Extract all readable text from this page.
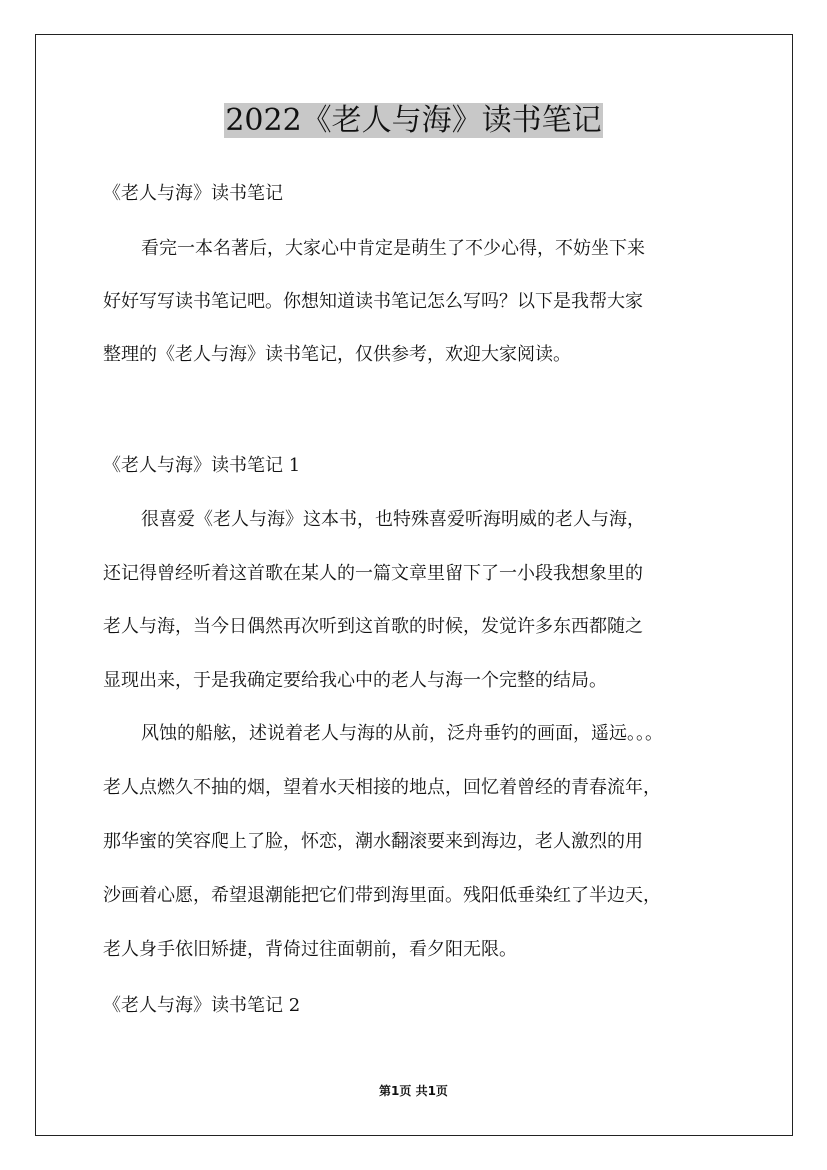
2022《老人与海》读书笔记
《老人与海》读书笔记
看完一本名著后，大家心中肯定是萌生了不少心得，不妨坐下来
好好写写读书笔记吧。你想知道读书笔记怎么写吗？以下是我帮大家
整理的《老人与海》读书笔记，仅供参考，欢迎大家阅读。
《老人与海》读书笔记 1
很喜爱《老人与海》这本书，也特殊喜爱听海明威的老人与海，
还记得曾经听着这首歌在某人的一篇文章里留下了一小段我想象里的
老人与海，当今日偶然再次听到这首歌的时候，发觉许多东西都随之
显现出来，于是我确定要给我心中的老人与海一个完整的结局。
风蚀的船舷，述说着老人与海的从前，泛舟垂钓的画面，遥远。。。
老人点燃久不抽的烟，望着水天相接的地点，回忆着曾经的青春流年，
那华蜜的笑容爬上了脸，怀恋，潮水翻滚要来到海边，老人激烈的用
沙画着心愿，希望退潮能把它们带到海里面。残阳低垂染红了半边天，
老人身手依旧矫捷，背倚过往面朝前，看夕阳无限。
《老人与海》读书笔记 2
第1页 共1页
